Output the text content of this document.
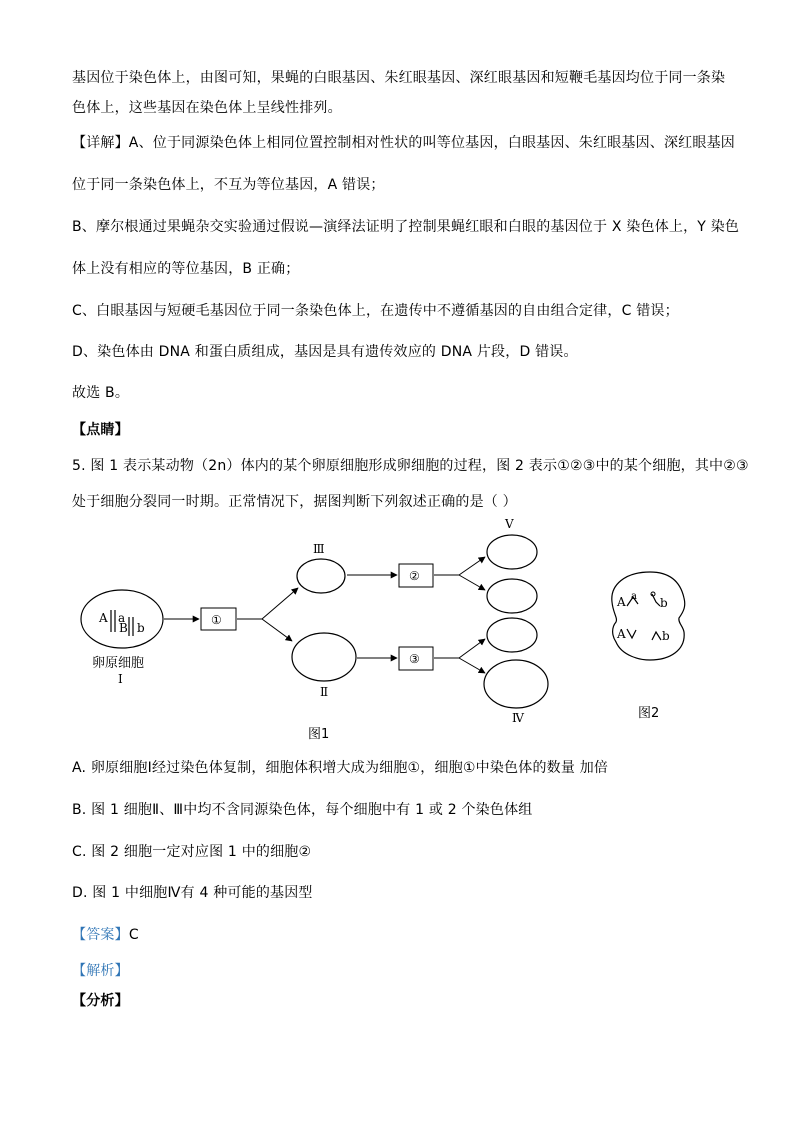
基因位于染色体上，由图可知，果蝇的白眼基因、朱红眼基因、深红眼基因和短鞭毛基因均位于同一条染
色体上，这些基因在染色体上呈线性排列。
【详解】A、位于同源染色体上相同位置控制相对性状的叫等位基因，白眼基因、朱红眼基因、深红眼基因
位于同一条染色体上，不互为等位基因，A 错误；
B、摩尔根通过果蝇杂交实验通过假说—演绎法证明了控制果蝇红眼和白眼的基因位于 X 染色体上，Y 染色
体上没有相应的等位基因，B 正确；
C、白眼基因与短硬毛基因位于同一条染色体上，在遗传中不遵循基因的自由组合定律，C 错误；
D、染色体由 DNA 和蛋白质组成，基因是具有遗传效应的 DNA 片段，D 错误。
故选 B。
【点睛】
5. 图 1 表示某动物（2n）体内的某个卵原细胞形成卵细胞的过程，图 2 表示①②③中的某个细胞，其中②③
处于细胞分裂同一时期。正常情况下，据图判断下列叙述正确的是（ ）
A a
B b
卵原细胞
Ⅰ
①
Ⅲ
Ⅱ
②
③
Ⅴ
Ⅳ
图1
A a b
A	b
图2
A. 卵原细胞Ⅰ经过染色体复制，细胞体积增大成为细胞①，细胞①中染色体的数量 加倍
B. 图 1 细胞Ⅱ、Ⅲ中均不含同源染色体，每个细胞中有 1 或 2 个染色体组
C. 图 2 细胞一定对应图 1 中的细胞②
D. 图 1 中细胞Ⅳ有 4 种可能的基因型
【答案】C
【解析】
【分析】
